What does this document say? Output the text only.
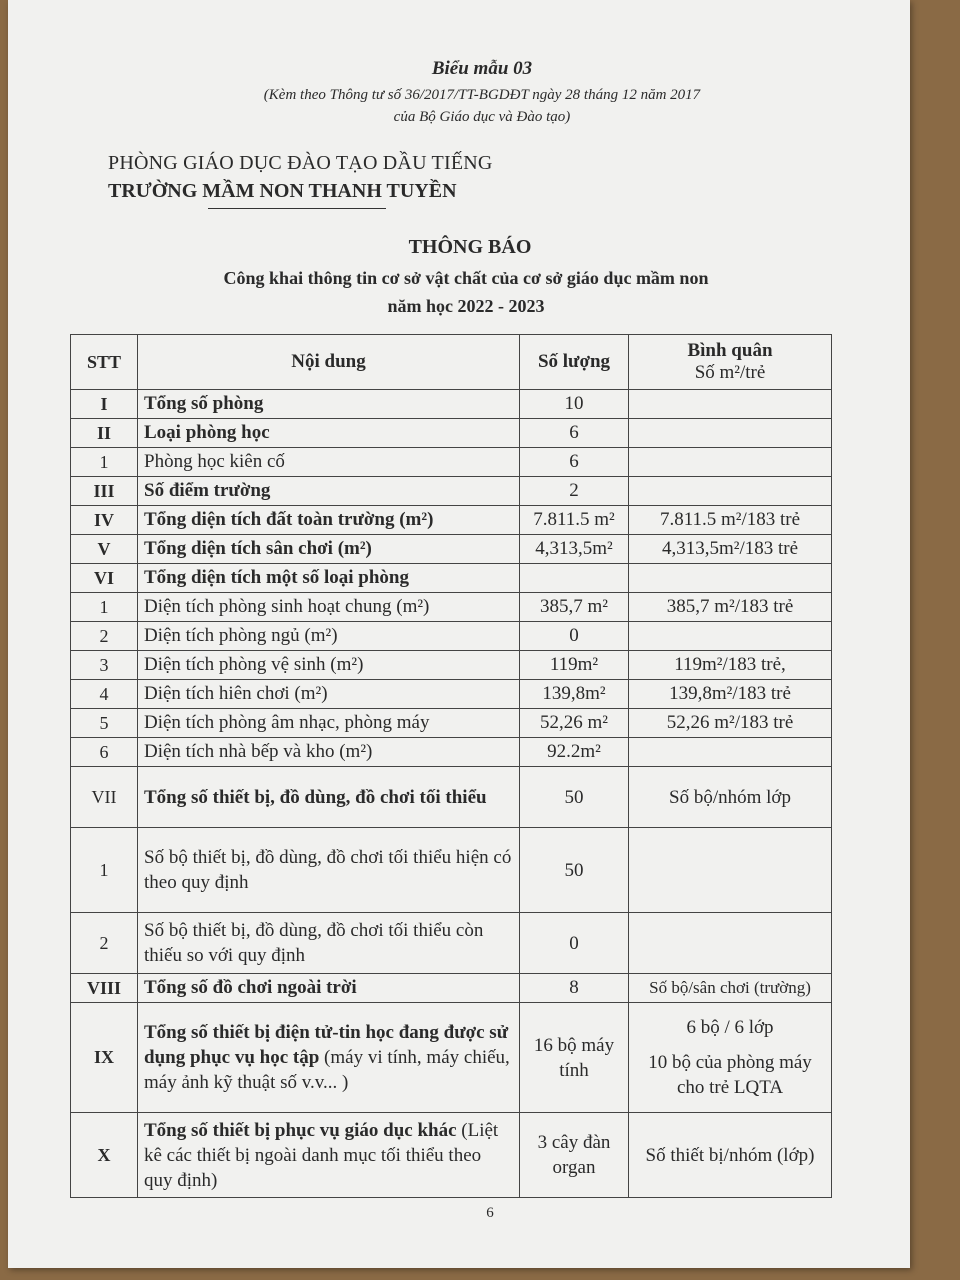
Biểu mẫu 03
(Kèm theo Thông tư số 36/2017/TT-BGDĐT ngày 28 tháng 12 năm 2017
của Bộ Giáo dục và Đào tạo)
PHÒNG GIÁO DỤC ĐÀO TẠO DẦU TIẾNG
TRƯỜNG MẦM NON THANH TUYỀN
THÔNG BÁO
Công khai thông tin cơ sở vật chất của cơ sở giáo dục mầm non
năm học 2022 - 2023
STT	Nội dung	Số lượng	Bình quân
Số m²/trẻ

I	Tổng số phòng	10	
II	Loại phòng học	6	
1	Phòng học kiên cố	6	
III	Số điểm trường	2	
IV	Tổng diện tích đất toàn trường (m²)	7.811.5 m²	7.811.5 m²/183 trẻ
V	Tổng diện tích sân chơi (m²)	4,313,5m²	4,313,5m²/183 trẻ
VI	Tổng diện tích một số loại phòng		
1	Diện tích phòng sinh hoạt chung (m²)	385,7 m²	385,7 m²/183 trẻ
2	Diện tích phòng ngủ (m²)	0	
3	Diện tích phòng vệ sinh (m²)	119m²	119m²/183 trẻ,
4	Diện tích hiên chơi (m²)	139,8m²	139,8m²/183 trẻ
5	Diện tích phòng âm nhạc, phòng máy	52,26 m²	52,26 m²/183 trẻ
6	Diện tích nhà bếp và kho (m²)	92.2m²	
VII	Tổng số thiết bị, đồ dùng, đồ chơi tối thiểu	50	Số bộ/nhóm lớp
1	Số bộ thiết bị, đồ dùng, đồ chơi tối thiểu hiện có theo quy định	50	
2	Số bộ thiết bị, đồ dùng, đồ chơi tối thiểu còn thiếu so với quy định	0	
VIII	Tổng số đồ chơi ngoài trời	8	Số bộ/sân chơi (trường)
IX	Tổng số thiết bị điện tử-tin học đang được sử dụng phục vụ học tập (máy vi tính, máy chiếu, máy ảnh kỹ thuật số v.v... )	16 bộ máy tính	6 bộ / 6 lớp
10 bộ của phòng máy cho trẻ LQTA

X	Tổng số thiết bị phục vụ giáo dục khác (Liệt kê các thiết bị ngoài danh mục tối thiểu theo quy định)	3 cây đàn organ	Số thiết bị/nhóm (lớp)
6
